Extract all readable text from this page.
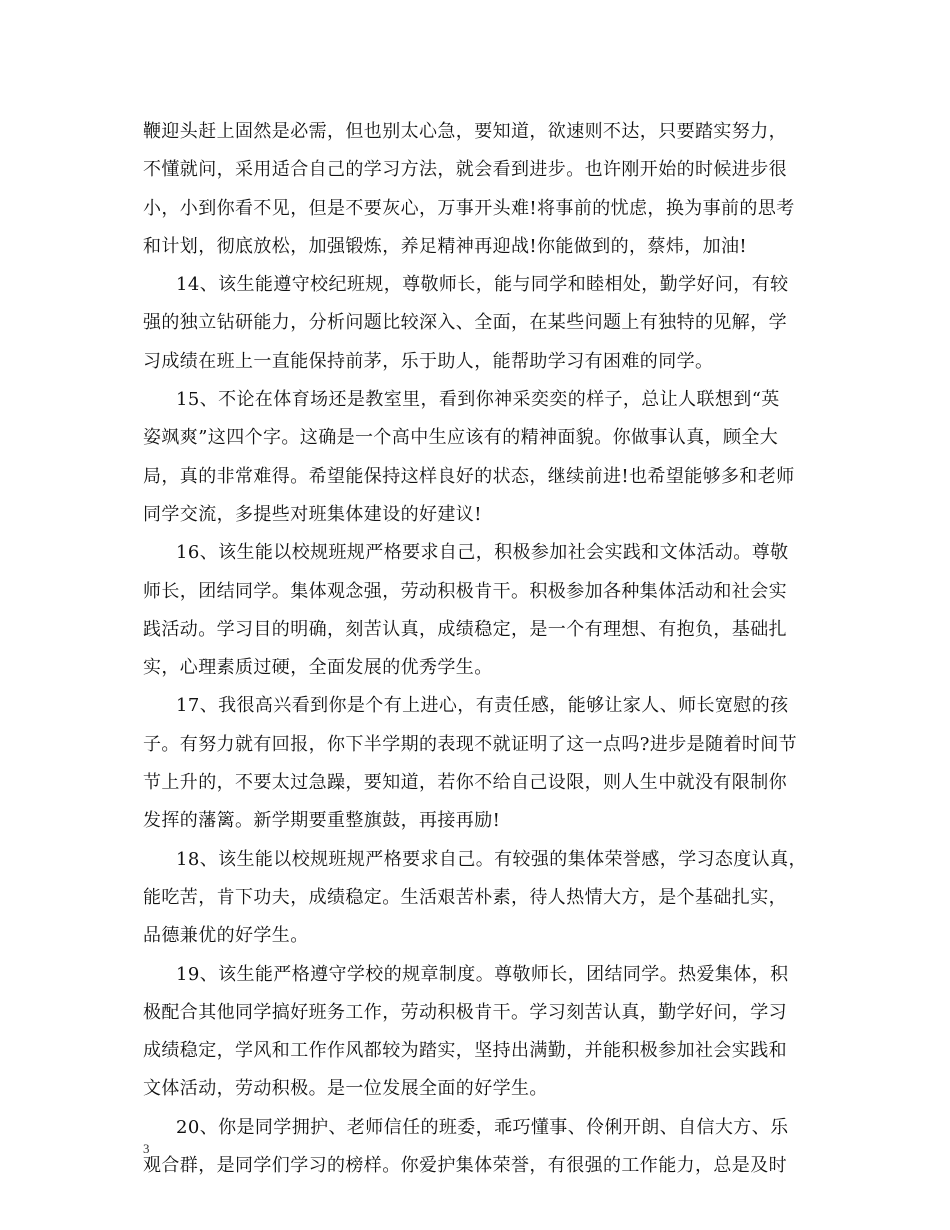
鞭迎头赶上固然是必需，但也别太心急，要知道，欲速则不达，只要踏实努力，
不懂就问，采用适合自己的学习方法，就会看到进步。也许刚开始的时候进步很
小，小到你看不见，但是不要灰心，万事开头难!将事前的忧虑，换为事前的思考
和计划，彻底放松，加强锻炼，养足精神再迎战!你能做到的，蔡炜，加油!
14、该生能遵守校纪班规，尊敬师长，能与同学和睦相处，勤学好问，有较
强的独立钻研能力，分析问题比较深入、全面，在某些问题上有独特的见解，学
习成绩在班上一直能保持前茅，乐于助人，能帮助学习有困难的同学。
15、不论在体育场还是教室里，看到你神采奕奕的样子，总让人联想到“英
姿飒爽”这四个字。这确是一个高中生应该有的精神面貌。你做事认真，顾全大
局，真的非常难得。希望能保持这样良好的状态，继续前进!也希望能够多和老师
同学交流，多提些对班集体建设的好建议!
16、该生能以校规班规严格要求自己，积极参加社会实践和文体活动。尊敬
师长，团结同学。集体观念强，劳动积极肯干。积极参加各种集体活动和社会实
践活动。学习目的明确，刻苦认真，成绩稳定，是一个有理想、有抱负，基础扎
实，心理素质过硬，全面发展的优秀学生。
17、我很高兴看到你是个有上进心，有责任感，能够让家人、师长宽慰的孩
子。有努力就有回报，你下半学期的表现不就证明了这一点吗?进步是随着时间节
节上升的，不要太过急躁，要知道，若你不给自己设限，则人生中就没有限制你
发挥的藩篱。新学期要重整旗鼓，再接再励!
18、该生能以校规班规严格要求自己。有较强的集体荣誉感，学习态度认真，
能吃苦，肯下功夫，成绩稳定。生活艰苦朴素，待人热情大方，是个基础扎实，
品德兼优的好学生。
19、该生能严格遵守学校的规章制度。尊敬师长，团结同学。热爱集体，积
极配合其他同学搞好班务工作，劳动积极肯干。学习刻苦认真，勤学好问，学习
成绩稳定，学风和工作作风都较为踏实，坚持出满勤，并能积极参加社会实践和
文体活动，劳动积极。是一位发展全面的好学生。
20、你是同学拥护、老师信任的班委，乖巧懂事、伶俐开朗、自信大方、乐
观合群，是同学们学习的榜样。你爱护集体荣誉，有很强的工作能力，总是及时
3
